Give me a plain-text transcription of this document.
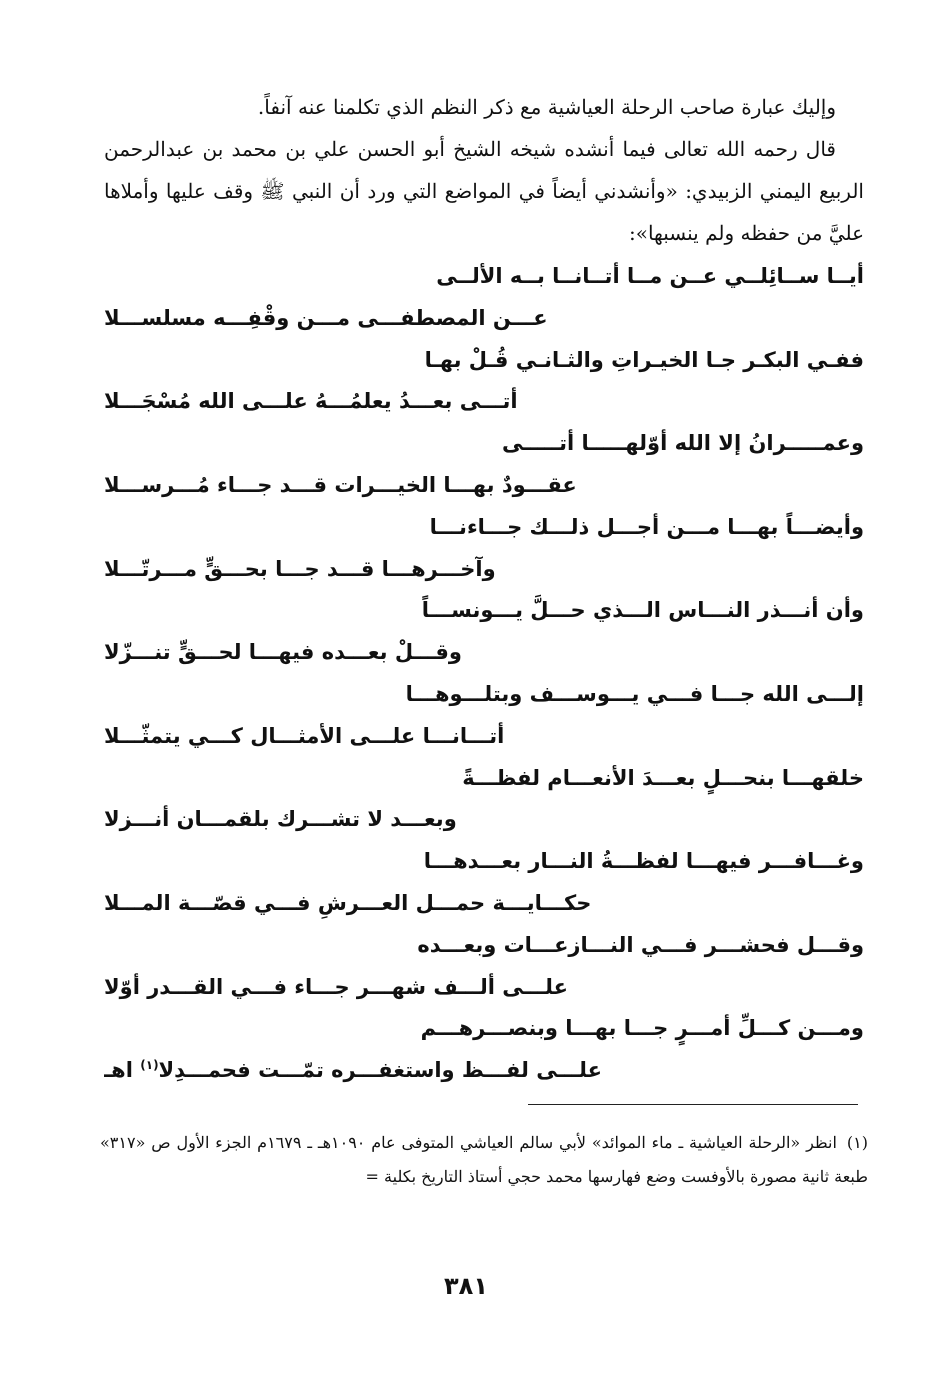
وإليك عبارة صاحب الرحلة العياشية مع ذكر النظم الذي تكلمنا عنه آنفاً.

قال رحمه الله تعالى فيما أنشده شيخه الشيخ أبو الحسن علي بن محمد بن عبدالرحمن الربيع اليمني الزبيدي: «وأنشدني أيضاً في المواضع التي ورد أن النبي ﷺ وقف عليها وأملاها عليَّ من حفظه ولم ينسبها»:

أيــا ســائِلــي عــن مــا أتــانــا بــه الألــى
عـــن المصطفـــى مـــن وقْفِـــه مسلســـلا
ففـي البكـر جـا الخيـراتِ والثـانـي قُـلْ بهـا
أتـــى بعـــدُ يعلمُـــهُ علـــى الله مُسْجَـــلا
وعمـــــرانُ إلا الله أوّلهـــــا أتـــــى
عقـــودٌ بهـــا الخيـــرات قـــد جـــاء مُـــرســـلا
وأيضـــاً بهـــا مـــن أجـــل ذلـــك جـــاءنـــا
وآخـــرهـــا قـــد جـــا بحـــقٍّ مـــرتّـــلا
وأن أنـــذر النـــاس الـــذي حـــلَّ يـــونســـاً
وقـــلْ بعـــده فيهـــا لحـــقٍّ تنـــزّلا
إلـــى الله جـــا فـــي يـــوســـف وبتلـــوهـــا
أتـــانـــا علـــى الأمثـــال كـــي يتمثّـــلا
خلقهـــا بنحـــلٍ بعـــدَ الأنعـــام لفظـــةً
وبعـــد لا تشـــرك بلقمـــان أنـــزلا
وغـــافـــر فيهـــا لفظـــةُ النـــار بعـــدهـــا
حكـــايـــة حمـــل العـــرشِ فـــي قصّـــة المـــلا
وقـــل فحشـــر فـــي النـــازعـــات وبعـــده
علـــى ألـــف شهـــر جـــاء فـــي القـــدر أوّلا
ومـــن كـــلِّ أمـــرٍ جـــا بهـــا وبنصـــرهـــم
علـــى لفـــظ واستغفـــره تمّـــت فحمـــدِلا$^{(١)}$ اهـ
(١)انظر «الرحلة العياشية ـ ماء الموائد» لأبي سالم العياشي المتوفى عام ١٠٩٠هـ ـ ١٦٧٩م الجزء الأول ص «٣١٧» طبعة ثانية مصورة بالأوفست وضع فهارسها محمد حجي أستاذ التاريخ بكلية =
٣٨١
